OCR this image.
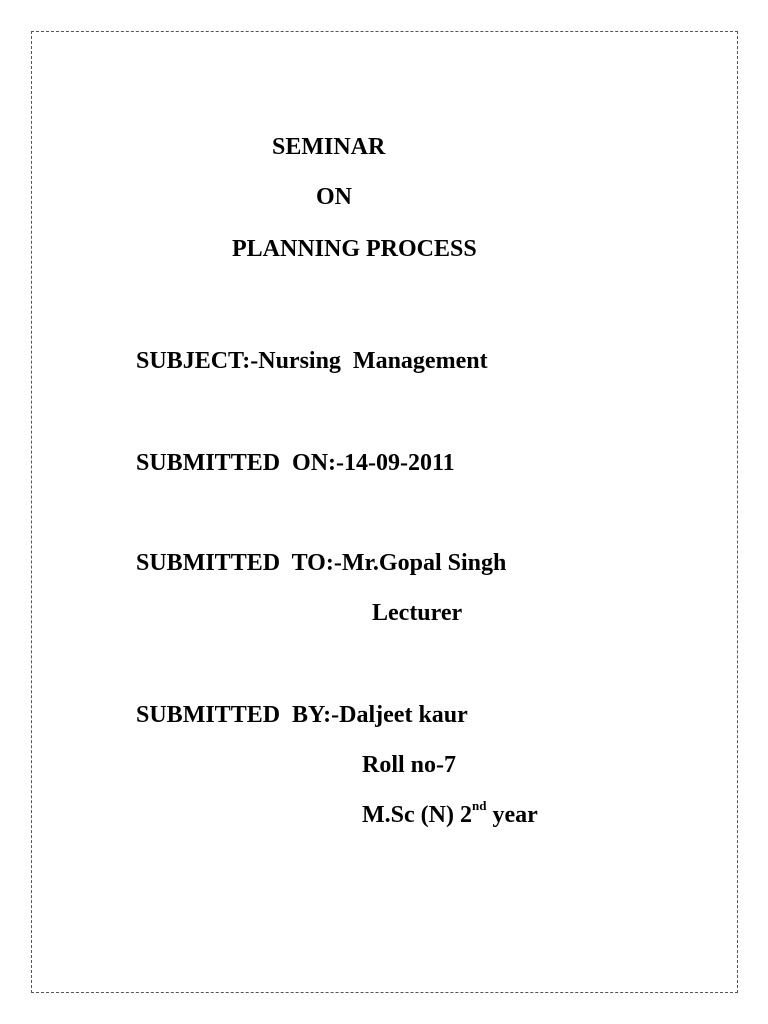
SEMINAR
ON
PLANNING PROCESS
SUBJECT:-Nursing  Management
SUBMITTED  ON:-14-09-2011
SUBMITTED  TO:-Mr.Gopal Singh
Lecturer
SUBMITTED  BY:-Daljeet kaur
Roll no-7
M.Sc (N) 2nd year
